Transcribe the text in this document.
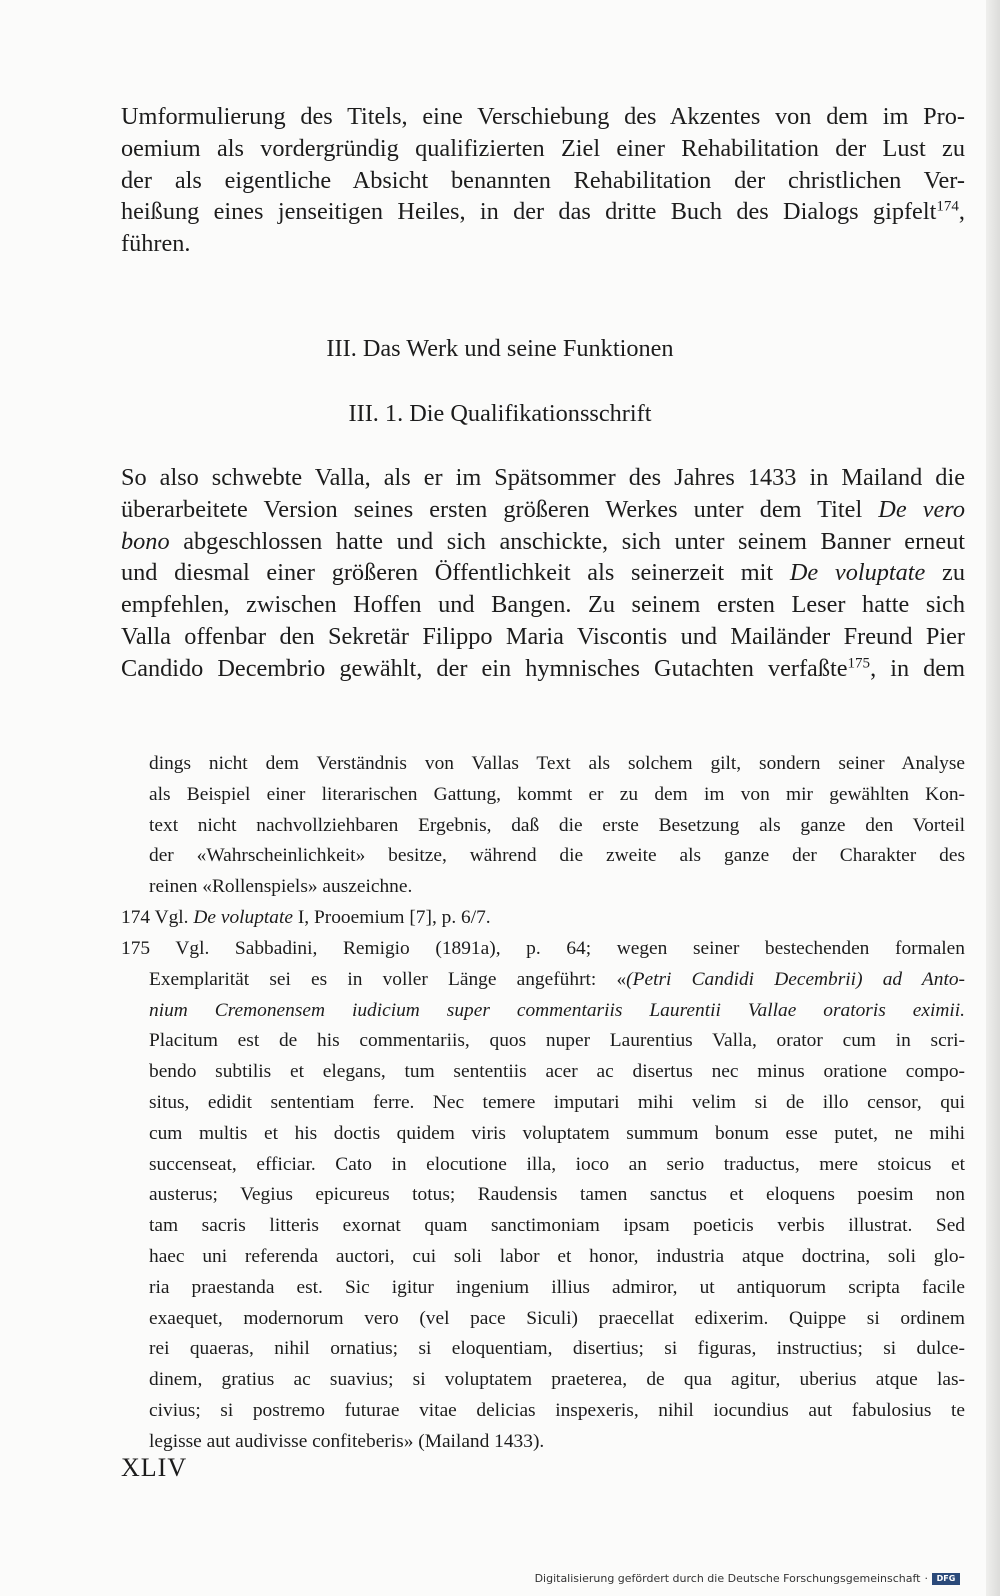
Umformulierung des Titels, eine Verschiebung des Akzentes von dem im Pro-
oemium als vordergründig qualifizierten Ziel einer Rehabilitation der Lust zu
der als eigentliche Absicht benannten Rehabilitation der christlichen Ver-
heißung eines jenseitigen Heiles, in der das dritte Buch des Dialogs gipfelt$^{174}$,
führen.
III. Das Werk und seine Funktionen
III. 1. Die Qualifikationsschrift
So also schwebte Valla, als er im Spätsommer des Jahres 1433 in Mailand die
überarbeitete Version seines ersten größeren Werkes unter dem Titel De vero
bono abgeschlossen hatte und sich anschickte, sich unter seinem Banner erneut
und diesmal einer größeren Öffentlichkeit als seinerzeit mit De voluptate zu
empfehlen, zwischen Hoffen und Bangen. Zu seinem ersten Leser hatte sich
Valla offenbar den Sekretär Filippo Maria Viscontis und Mailänder Freund Pier
Candido Decembrio gewählt, der ein hymnisches Gutachten verfaßte$^{175}$, in dem
dings nicht dem Verständnis von Vallas Text als solchem gilt, sondern seiner Analyse
als Beispiel einer literarischen Gattung, kommt er zu dem im von mir gewählten Kon-
text nicht nachvollziehbaren Ergebnis, daß die erste Besetzung als ganze den Vorteil
der «Wahrscheinlichkeit» besitze, während die zweite als ganze der Charakter des
reinen «Rollenspiels» auszeichne.
174 Vgl. De voluptate I, Prooemium [7], p. 6/7.
175 Vgl. Sabbadini, Remigio (1891a), p. 64; wegen seiner bestechenden formalen
Exemplarität sei es in voller Länge angeführt: «(Petri Candidi Decembrii) ad Anto-
nium Cremonensem iudicium super commentariis Laurentii Vallae oratoris eximii.
Placitum est de his commentariis, quos nuper Laurentius Valla, orator cum in scri-
bendo subtilis et elegans, tum sententiis acer ac disertus nec minus oratione compo-
situs, edidit sententiam ferre. Nec temere imputari mihi velim si de illo censor, qui
cum multis et his doctis quidem viris voluptatem summum bonum esse putet, ne mihi
succenseat, efficiar. Cato in elocutione illa, ioco an serio traductus, mere stoicus et
austerus; Vegius epicureus totus; Raudensis tamen sanctus et eloquens poesim non
tam sacris litteris exornat quam sanctimoniam ipsam poeticis verbis illustrat. Sed
haec uni referenda auctori, cui soli labor et honor, industria atque doctrina, soli glo-
ria praestanda est. Sic igitur ingenium illius admiror, ut antiquorum scripta facile
exaequet, modernorum vero (vel pace Siculi) praecellat edixerim. Quippe si ordinem
rei quaeras, nihil ornatius; si eloquentiam, disertius; si figuras, instructius; si dulce-
dinem, gratius ac suavius; si voluptatem praeterea, de qua agitur, uberius atque las-
civius; si postremo futurae vitae delicias inspexeris, nihil iocundius aut fabulosius te
legisse aut audivisse confiteberis» (Mailand 1433).
XLIV
Digitalisierung gefördert durch die Deutsche Forschungsgemeinschaft ·	DFG
